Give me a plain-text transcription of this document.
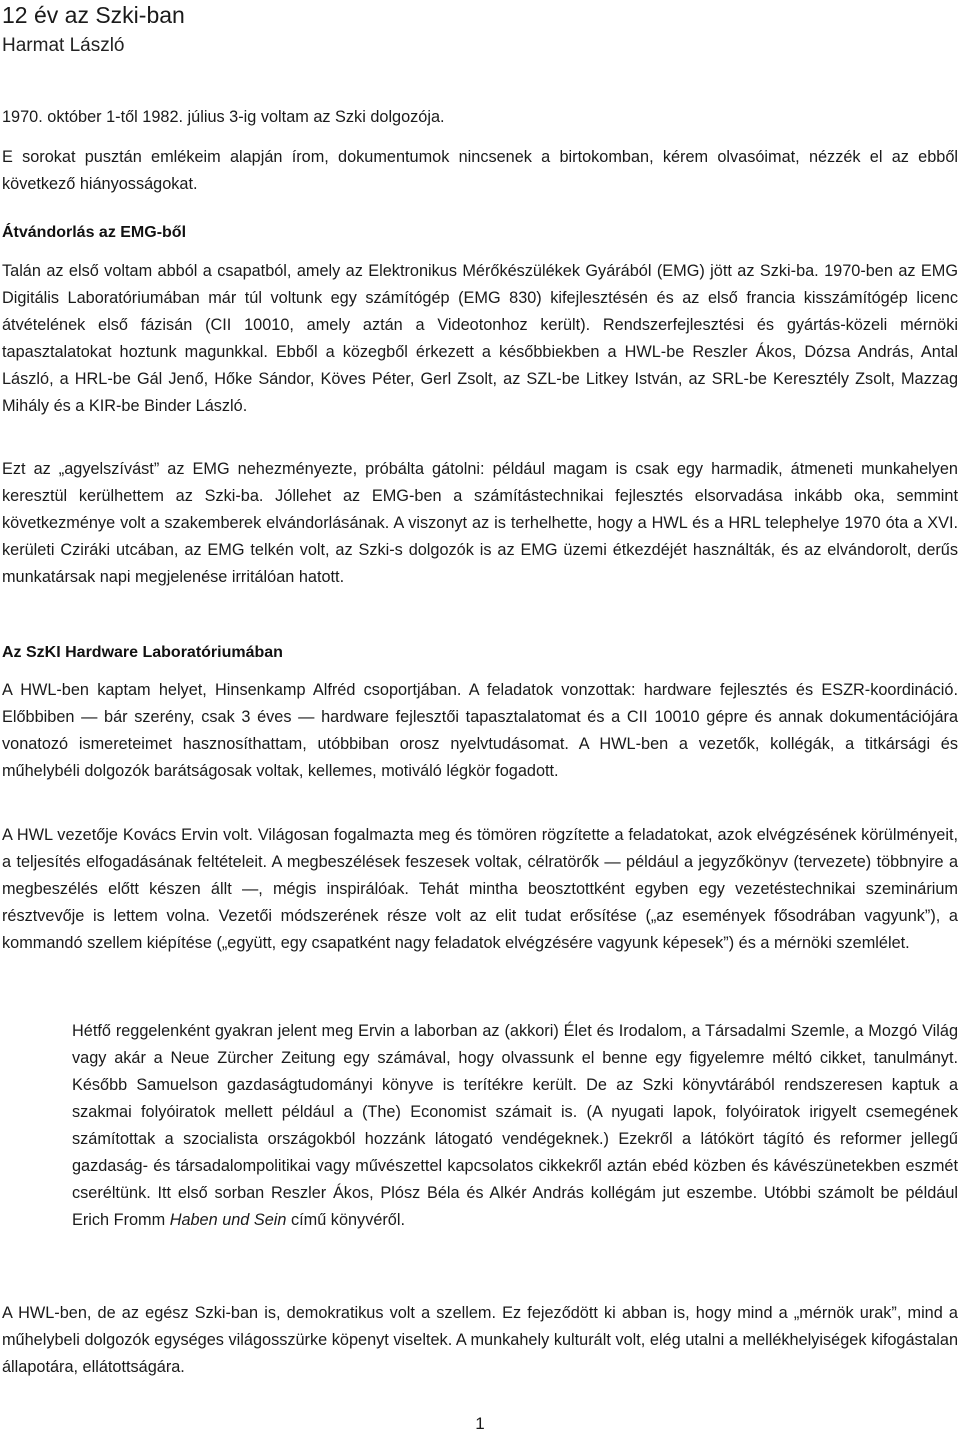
12 év az Szki-ban

Harmat László

1970. október 1-től 1982. július 3-ig voltam az Szki dolgozója.

E sorokat pusztán emlékeim alapján írom, dokumentumok nincsenek a birtokomban, kérem olvasóimat, nézzék el az ebből következő hiányosságokat.

Átvándorlás az EMG-ből

Talán az első voltam abból a csapatból, amely az Elektronikus Mérőkészülékek Gyárából (EMG) jött az Szki-ba. 1970-ben az EMG Digitális Laboratóriumában már túl voltunk egy számítógép (EMG 830) kifejlesztésén és az első francia kisszámítógép licenc átvételének első fázisán (CII 10010, amely aztán a Videotonhoz került). Rendszerfejlesztési és gyártás-közeli mérnöki tapasztalatokat hoztunk magunkkal. Ebből a közegből érkezett a későbbiekben a HWL-be Reszler Ákos, Dózsa András, Antal László, a HRL-be Gál Jenő, Hőke Sándor, Köves Péter, Gerl Zsolt, az SZL-be Litkey István, az SRL-be Keresztély Zsolt, Mazzag Mihály és a KIR-be Binder László.

Ezt az „agyelszívást” az EMG nehezményezte, próbálta gátolni: például magam is csak egy harmadik, átmeneti munkahelyen keresztül kerülhettem az Szki-ba. Jóllehet az EMG-ben a számítástechnikai fejlesztés elsorvadása inkább oka, semmint következménye volt a szakemberek elvándorlásának. A viszonyt az is terhelhette, hogy a HWL és a HRL telephelye 1970 óta a XVI. kerületi Cziráki utcában, az EMG telkén volt, az Szki-s dolgozók is az EMG üzemi étkezdéjét használták, és az elvándorolt, derűs munkatársak napi megjelenése irritálóan hatott.

Az SzKI Hardware Laboratóriumában

A HWL-ben kaptam helyet, Hinsenkamp Alfréd csoportjában. A feladatok vonzottak: hardware fejlesztés és ESZR-koordináció. Előbbiben — bár szerény, csak 3 éves — hardware fejlesztői tapasztalatomat és a CII 10010 gépre és annak dokumentációjára vonatozó ismereteimet hasznosíthattam, utóbbiban orosz nyelvtudásomat. A HWL-ben a vezetők, kollégák, a titkársági és műhelybéli dolgozók barátságosak voltak, kellemes, motiváló légkör fogadott.

A HWL vezetője Kovács Ervin volt. Világosan fogalmazta meg és tömören rögzítette a feladatokat, azok elvégzésének körülményeit, a teljesítés elfogadásának feltételeit. A megbeszélések feszesek voltak, célratörők — például a jegyzőkönyv (tervezete) többnyire a megbeszélés előtt készen állt —, mégis inspirálóak. Tehát mintha beosztottként egyben egy vezetéstechnikai szeminárium résztvevője is lettem volna. Vezetői módszerének része volt az elit tudat erősítése („az események fősodrában vagyunk”), a kommandó szellem kiépítése („együtt, egy csapatként nagy feladatok elvégzésére vagyunk képesek”) és a mérnöki szemlélet.

Hétfő reggelenként gyakran jelent meg Ervin a laborban az (akkori) Élet és Irodalom, a Társadalmi Szemle, a Mozgó Világ vagy akár a Neue Zürcher Zeitung egy számával, hogy olvassunk el benne egy figyelemre méltó cikket, tanulmányt. Később Samuelson gazdaságtudományi könyve is terítékre került. De az Szki könyvtárából rendszeresen kaptuk a szakmai folyóiratok mellett például a (The) Economist számait is. (A nyugati lapok, folyóiratok irigyelt csemegének számítottak a szocialista országokból hozzánk látogató vendégeknek.) Ezekről a látókört tágító és reformer jellegű gazdaság- és társadalompolitikai vagy művészettel kapcsolatos cikkekről aztán ebéd közben és kávészünetekben eszmét cseréltünk. Itt első sorban Reszler Ákos, Plósz Béla és Alkér András kollégám jut eszembe. Utóbbi számolt be például Erich Fromm Haben und Sein című könyvéről.

A HWL-ben, de az egész Szki-ban is, demokratikus volt a szellem. Ez fejeződött ki abban is, hogy mind a „mérnök urak”, mind a műhelybeli dolgozók egységes világosszürke köpenyt viseltek. A munkahely kulturált volt, elég utalni a mellékhelyiségek kifogástalan állapotára, ellátottságára.

1
